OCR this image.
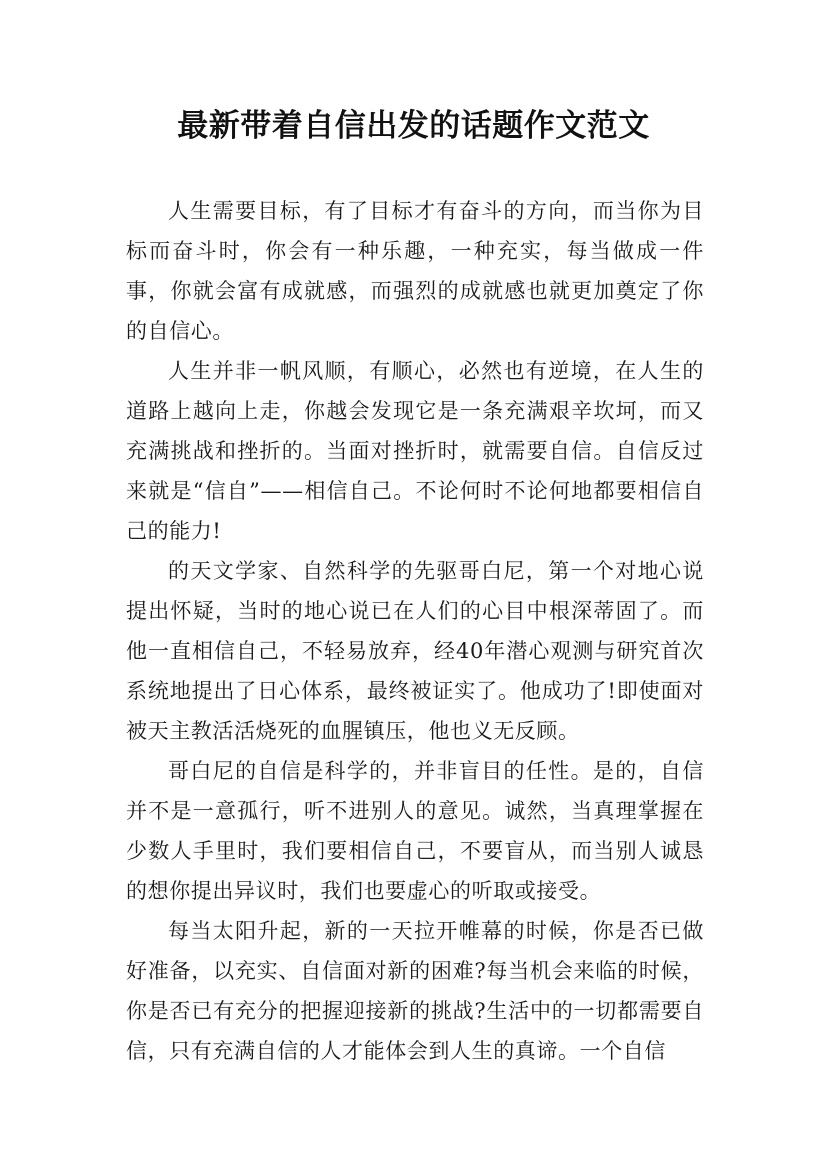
最新带着自信出发的话题作文范文

人生需要目标，有了目标才有奋斗的方向，而当你为目标而奋斗时，你会有一种乐趣，一种充实，每当做成一件事，你就会富有成就感，而强烈的成就感也就更加奠定了你的自信心。

人生并非一帆风顺，有顺心，必然也有逆境，在人生的道路上越向上走，你越会发现它是一条充满艰辛坎坷，而又充满挑战和挫折的。当面对挫折时，就需要自信。自信反过来就是“信自”——相信自己。不论何时不论何地都要相信自己的能力!

的天文学家、自然科学的先驱哥白尼，第一个对地心说提出怀疑，当时的地心说已在人们的心目中根深蒂固了。而他一直相信自己，不轻易放弃，经40年潜心观测与研究首次系统地提出了日心体系，最终被证实了。他成功了!即使面对被天主教活活烧死的血腥镇压，他也义无反顾。

哥白尼的自信是科学的，并非盲目的任性。是的，自信并不是一意孤行，听不进别人的意见。诚然，当真理掌握在少数人手里时，我们要相信自己，不要盲从，而当别人诚恳的想你提出异议时，我们也要虚心的听取或接受。

每当太阳升起，新的一天拉开帷幕的时候，你是否已做好准备，以充实、自信面对新的困难?每当机会来临的时候，你是否已有充分的把握迎接新的挑战?生活中的一切都需要自信，只有充满自信的人才能体会到人生的真谛。一个自信
